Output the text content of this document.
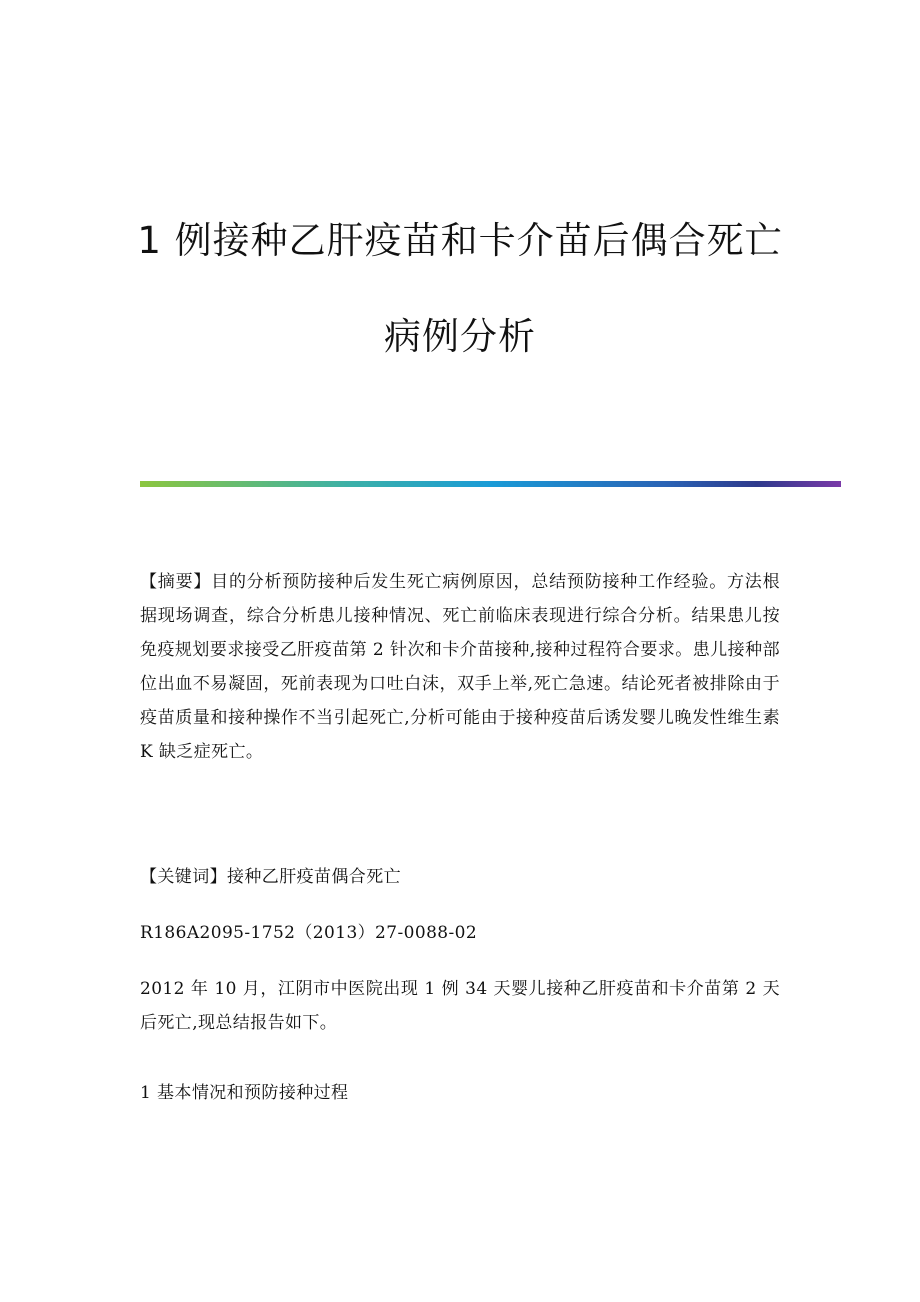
1 例接种乙肝疫苗和卡介苗后偶合死亡
病例分析
【摘要】目的分析预防接种后发生死亡病例原因，总结预防接种工作经验。方法根据现场调查，综合分析患儿接种情况、死亡前临床表现进行综合分析。结果患儿按免疫规划要求接受乙肝疫苗第 2 针次和卡介苗接种,接种过程符合要求。患儿接种部位出血不易凝固，死前表现为口吐白沫，双手上举,死亡急速。结论死者被排除由于疫苗质量和接种操作不当引起死亡,分析可能由于接种疫苗后诱发婴儿晚发性维生素 K 缺乏症死亡。
【关键词】接种乙肝疫苗偶合死亡
R186A2095-1752（2013）27-0088-02
2012 年 10 月，江阴市中医院出现 1 例 34 天婴儿接种乙肝疫苗和卡介苗第 2 天后死亡,现总结报告如下。
1 基本情况和预防接种过程
